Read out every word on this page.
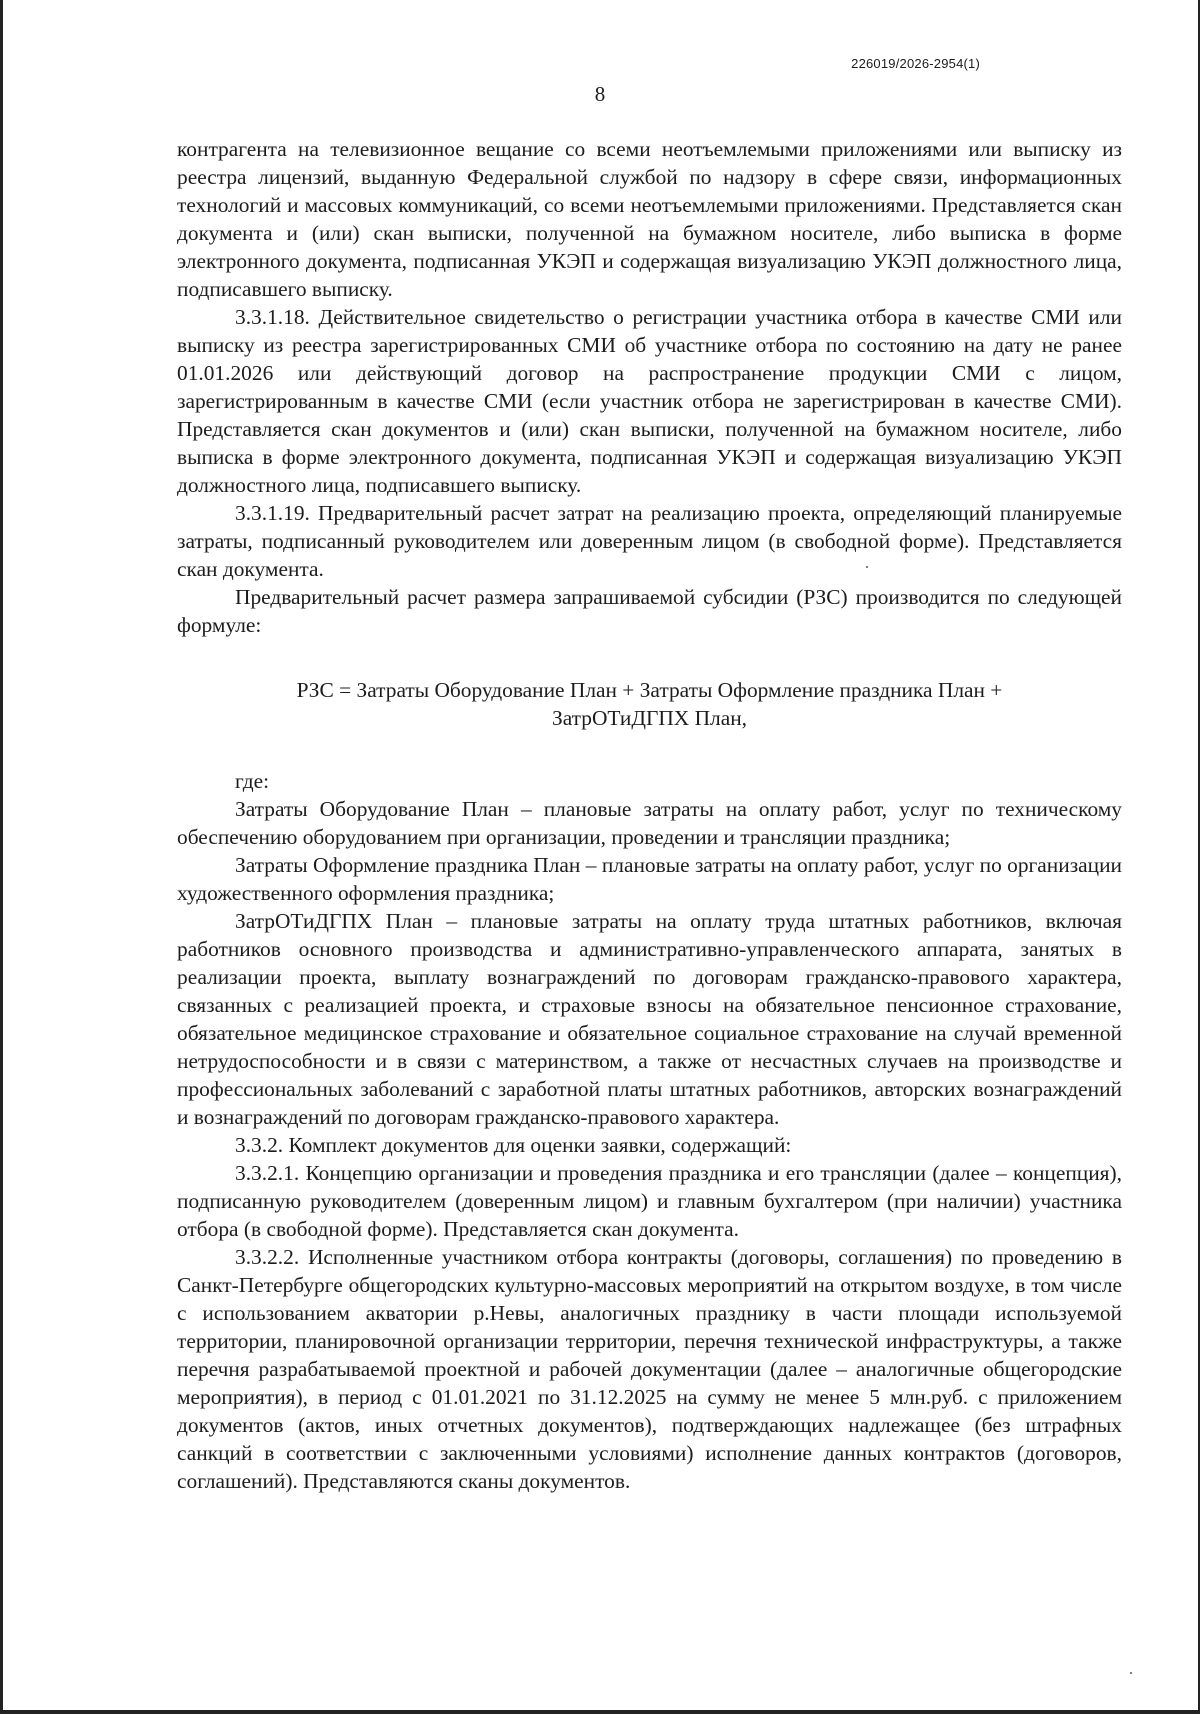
226019/2026-2954(1)
8

контрагента на телевизионное вещание со всеми неотъемлемыми приложениями или выписку из реестра лицензий, выданную Федеральной службой по надзору в сфере связи, информационных технологий и массовых коммуникаций, со всеми неотъемлемыми приложениями. Представляется скан документа и (или) скан выписки, полученной на бумажном носителе, либо выписка в форме электронного документа, подписанная УКЭП и содержащая визуализацию УКЭП должностного лица, подписавшего выписку.

3.3.1.18. Действительное свидетельство о регистрации участника отбора в качестве СМИ или выписку из реестра зарегистрированных СМИ об участнике отбора по состоянию на дату не ранее 01.01.2026 или действующий договор на распространение продукции СМИ с лицом, зарегистрированным в качестве СМИ (если участник отбора не зарегистрирован в качестве СМИ). Представляется скан документов и (или) скан выписки, полученной на бумажном носителе, либо выписка в форме электронного документа, подписанная УКЭП и содержащая визуализацию УКЭП должностного лица, подписавшего выписку.

3.3.1.19. Предварительный расчет затрат на реализацию проекта, определяющий планируемые затраты, подписанный руководителем или доверенным лицом (в свободной форме). Представляется скан документа.

Предварительный расчет размера запрашиваемой субсидии (РЗС) производится по следующей формуле:

РЗС = Затраты Оборудование План + Затраты Оформление праздника План +
ЗатрОТиДГПХ План,

где:

Затраты Оборудование План – плановые затраты на оплату работ, услуг по техническому обеспечению оборудованием при организации, проведении и трансляции праздника;

Затраты Оформление праздника План – плановые затраты на оплату работ, услуг по организации художественного оформления праздника;

ЗатрОТиДГПХ План – плановые затраты на оплату труда штатных работников, включая работников основного производства и административно-управленческого аппарата, занятых в реализации проекта, выплату вознаграждений по договорам гражданско-правового характера, связанных с реализацией проекта, и страховые взносы на обязательное пенсионное страхование, обязательное медицинское страхование и обязательное социальное страхование на случай временной нетрудоспособности и в связи с материнством, а также от несчастных случаев на производстве и профессиональных заболеваний с заработной платы штатных работников, авторских вознаграждений и вознаграждений по договорам гражданско-правового характера.

3.3.2. Комплект документов для оценки заявки, содержащий:

3.3.2.1. Концепцию организации и проведения праздника и его трансляции (далее – концепция), подписанную руководителем (доверенным лицом) и главным бухгалтером (при наличии) участника отбора (в свободной форме). Представляется скан документа.

3.3.2.2. Исполненные участником отбора контракты (договоры, соглашения) по проведению в Санкт-Петербурге общегородских культурно-массовых мероприятий на открытом воздухе, в том числе с использованием акватории р.Невы, аналогичных празднику в части площади используемой территории, планировочной организации территории, перечня технической инфраструктуры, а также перечня разрабатываемой проектной и рабочей документации (далее – аналогичные общегородские мероприятия), в период с 01.01.2021 по 31.12.2025 на сумму не менее 5 млн.руб. с приложением документов (актов, иных отчетных документов), подтверждающих надлежащее (без штрафных санкций в соответствии с заключенными условиями) исполнение данных контрактов (договоров, соглашений). Представляются сканы документов.
